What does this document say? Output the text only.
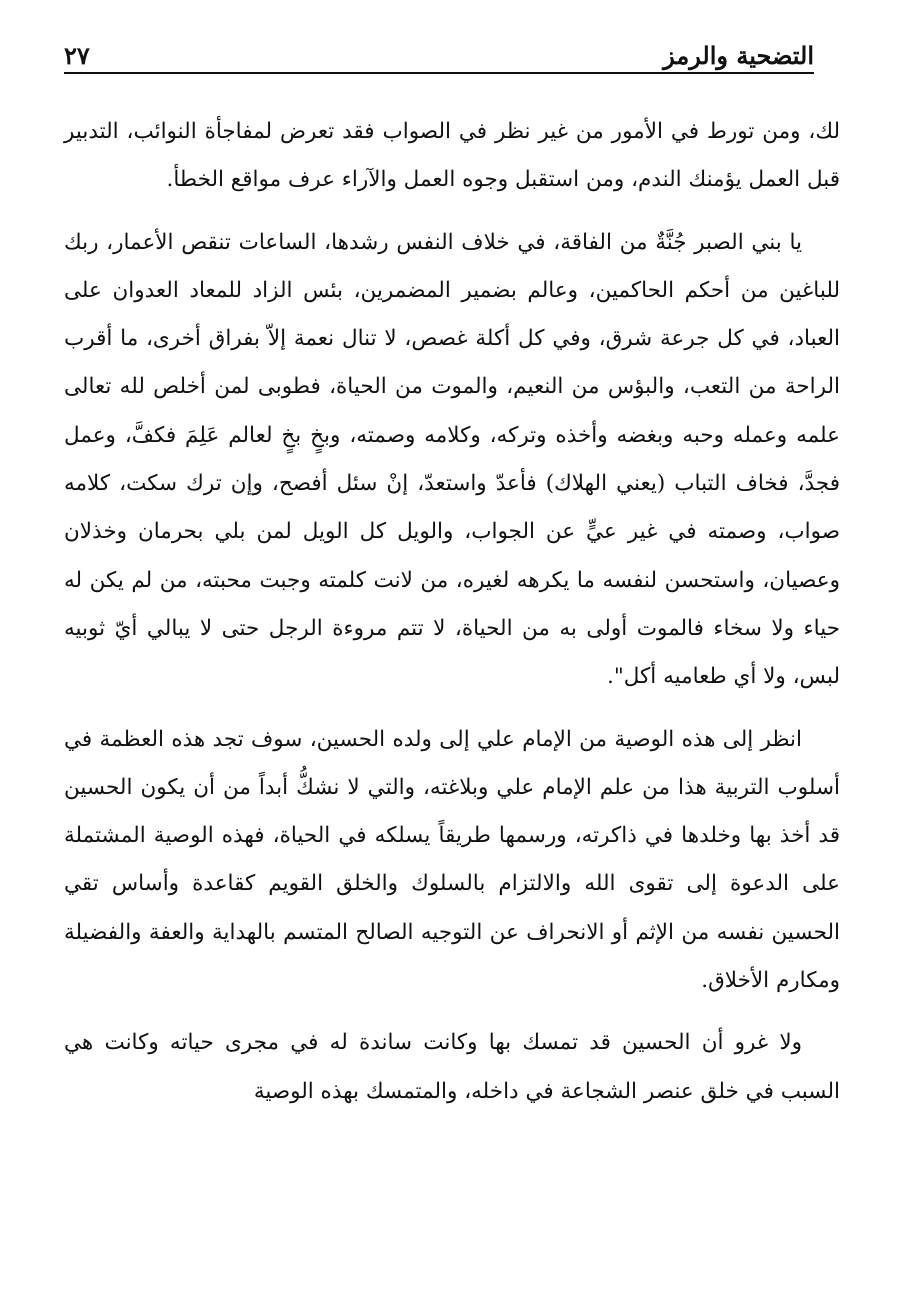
التضحية والرمز
٢٧

لك، ومن تورط في الأمور من غير نظر في الصواب فقد تعرض لمفاجأة النوائب، التدبير قبل العمل يؤمنك الندم، ومن استقبل وجوه العمل والآراء عرف مواقع الخطأ.

يا بني الصبر جُنَّةٌ من الفاقة، في خلاف النفس رشدها، الساعات تنقص الأعمار، ربك للباغين من أحكم الحاكمين، وعالم بضمير المضمرين، بئس الزاد للمعاد العدوان على العباد، في كل جرعة شرق، وفي كل أكلة غصص، لا تنال نعمة إلاّ بفراق أخرى، ما أقرب الراحة من التعب، والبؤس من النعيم، والموت من الحياة، فطوبى لمن أخلص لله تعالى علمه وعمله وحبه وبغضه وأخذه وتركه، وكلامه وصمته، وبخٍ بخٍ لعالم عَلِمَ فكفَّ، وعمل فجدَّ، فخاف التباب (يعني الهلاك) فأعدّ واستعدّ، إنْ سئل أفصح، وإن ترك سكت، كلامه صواب، وصمته في غير عيٍّ عن الجواب، والويل كل الويل لمن بلي بحرمان وخذلان وعصيان، واستحسن لنفسه ما يكرهه لغيره، من لانت كلمته وجبت محبته، من لم يكن له حياء ولا سخاء فالموت أولى به من الحياة، لا تتم مروءة الرجل حتى لا يبالي أيّ ثوبيه لبس، ولا أي طعاميه أكل".

انظر إلى هذه الوصية من الإمام علي إلى ولده الحسين، سوف تجد هذه العظمة في أسلوب التربية هذا من علم الإمام علي وبلاغته، والتي لا نشكُّ أبداً من أن يكون الحسين قد أخذ بها وخلدها في ذاكرته، ورسمها طريقاً يسلكه في الحياة، فهذه الوصية المشتملة على الدعوة إلى تقوى الله والالتزام بالسلوك والخلق القويم كقاعدة وأساس تقي الحسين نفسه من الإثم أو الانحراف عن التوجيه الصالح المتسم بالهداية والعفة والفضيلة ومكارم الأخلاق.

ولا غرو أن الحسين قد تمسك بها وكانت ساندة له في مجرى حياته وكانت هي السبب في خلق عنصر الشجاعة في داخله، والمتمسك بهذه الوصية
